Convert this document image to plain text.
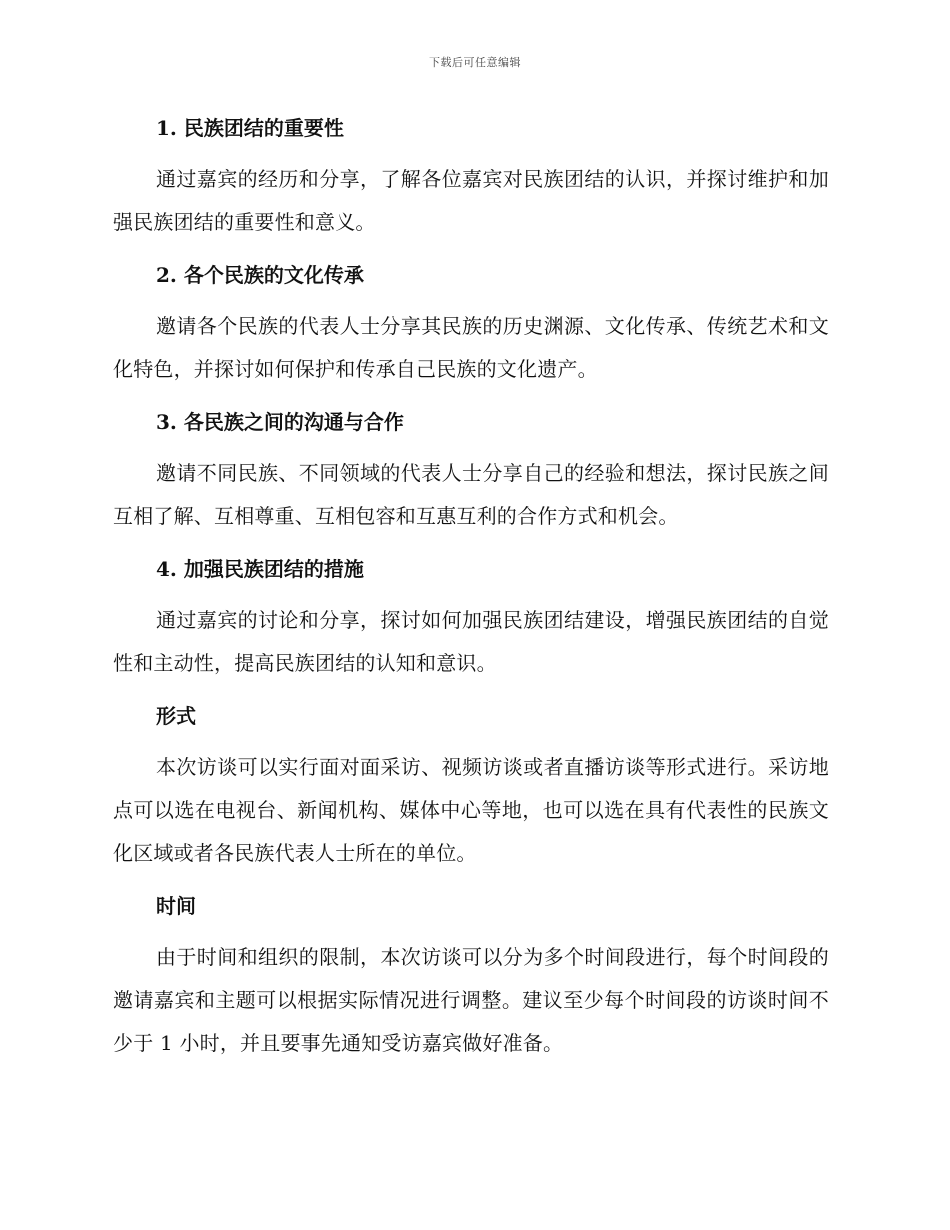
下载后可任意编辑
1. 民族团结的重要性

通过嘉宾的经历和分享，了解各位嘉宾对民族团结的认识，并探讨维护和加强民族团结的重要性和意义。

2. 各个民族的文化传承

邀请各个民族的代表人士分享其民族的历史渊源、文化传承、传统艺术和文化特色，并探讨如何保护和传承自己民族的文化遗产。

3. 各民族之间的沟通与合作

邀请不同民族、不同领域的代表人士分享自己的经验和想法，探讨民族之间互相了解、互相尊重、互相包容和互惠互利的合作方式和机会。

4. 加强民族团结的措施

通过嘉宾的讨论和分享，探讨如何加强民族团结建设，增强民族团结的自觉性和主动性，提高民族团结的认知和意识。

形式

本次访谈可以实行面对面采访、视频访谈或者直播访谈等形式进行。采访地点可以选在电视台、新闻机构、媒体中心等地，也可以选在具有代表性的民族文化区域或者各民族代表人士所在的单位。

时间

由于时间和组织的限制，本次访谈可以分为多个时间段进行，每个时间段的邀请嘉宾和主题可以根据实际情况进行调整。建议至少每个时间段的访谈时间不少于 1 小时，并且要事先通知受访嘉宾做好准备。
